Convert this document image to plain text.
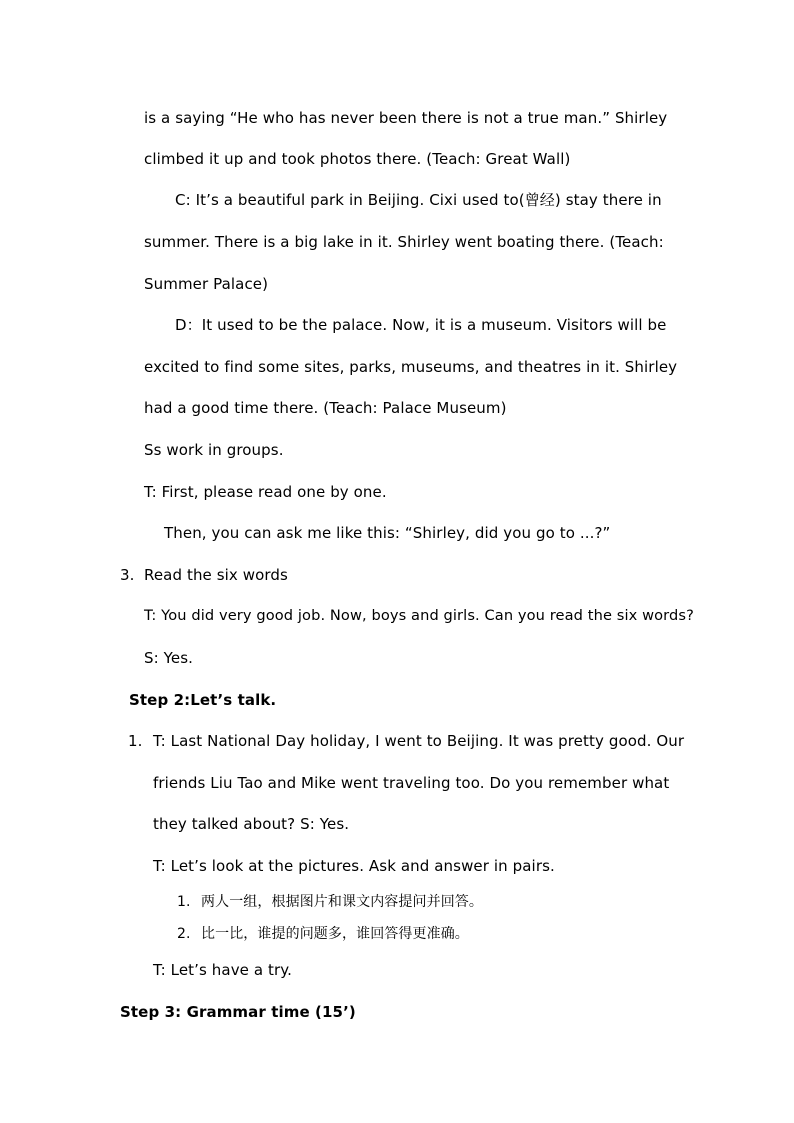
is a saying “He who has never been there is not a true man.” Shirley
climbed it up and took photos there. (Teach: Great Wall)
C: It’s a beautiful park in Beijing. Cixi used to(曾经) stay there in
summer. There is a big lake in it. Shirley went boating there. (Teach:
Summer Palace)
D：It used to be the palace. Now, it is a museum. Visitors will be
excited to find some sites, parks, museums, and theatres in it. Shirley
had a good time there. (Teach: Palace Museum)
Ss work in groups.
T: First, please read one by one.
Then, you can ask me like this: “Shirley, did you go to ...?”
3. Read the six words
T: You did very good job. Now, boys and girls. Can you read the six words?
S: Yes.
Step 2:Let’s talk.
1. T: Last National Day holiday, I went to Beijing. It was pretty good. Our
friends Liu Tao and Mike went traveling too. Do you remember what
they talked about? S: Yes.
T: Let’s look at the pictures. Ask and answer in pairs.
1. 两人一组，根据图片和课文内容提问并回答。
2. 比一比，谁提的问题多，谁回答得更准确。
T: Let’s have a try.
Step 3: Grammar time (15’)
